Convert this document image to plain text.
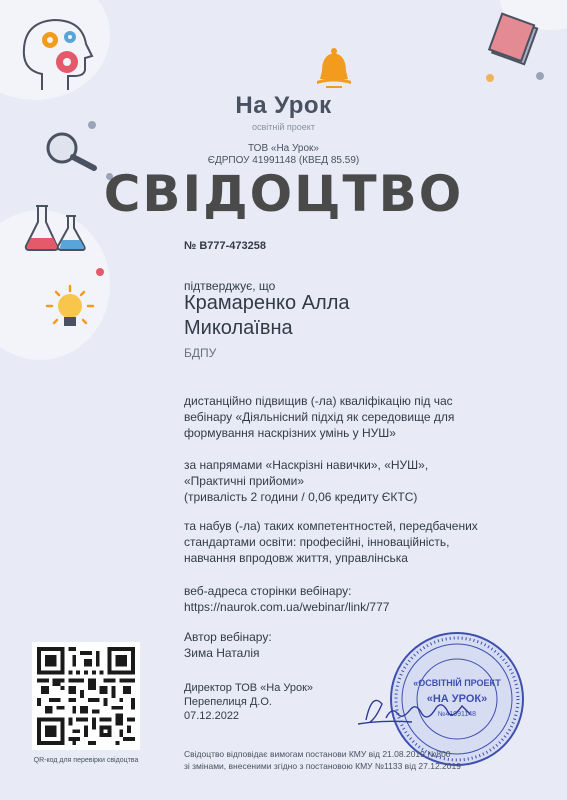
На Урок
освітній проект
ТОВ «На Урок»
ЄДРПОУ 41991148 (КВЕД 85.59)
СВІДОЦТВО
№ В777-473258
підтверджує, що
Крамаренко Алла
Миколаївна
БДПУ
дистанційно підвищив (-ла) кваліфікацію під час
вебінару «Діяльнісний підхід як середовище для
формування наскрізних умінь у НУШ»
за напрямами «Наскрізні навички», «НУШ»,
«Практичні прийоми»
(тривалість 2 години / 0,06 кредиту ЄКТС)
та набув (-ла) таких компетентностей, передбачених
стандартами освіти: професійні, інноваційність,
навчання впродовж життя, управлінська
веб-адреса сторінки вебінару:
https://naurok.com.ua/webinar/link/777
Автор вебінару:
Зима Наталія
Директор ТОВ «На Урок»
Перепелиця Д.О.
07.12.2022
«ОСВІТНІЙ ПРОЕКТ
«НА УРОК»
№41991148
QR-код для перевірки свідоцтва
Свідоцтво відповідає вимогам постанови КМУ від 21.08.2019 №800
зі змінами, внесеними згідно з постановою КМУ №1133 від 27.12.2019
